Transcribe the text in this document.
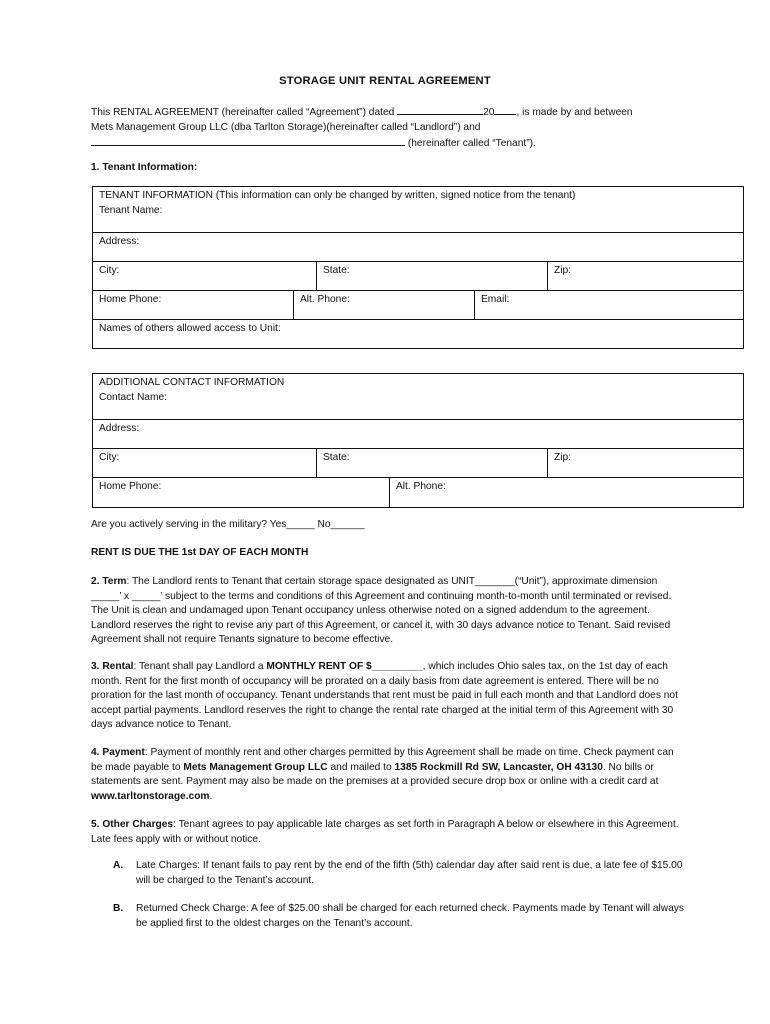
STORAGE UNIT RENTAL AGREEMENT
This RENTAL AGREEMENT (hereinafter called “Agreement”) dated	20 , is made by and between
Mets Management Group LLC (dba Tarlton Storage)(hereinafter called “Landlord”) and
(hereinafter called “Tenant”).
1. Tenant Information:
TENANT INFORMATION (This information can only be changed by written, signed notice from the tenant)
Tenant Name:
Address:
City:	State:	Zip:
Home Phone:	Alt. Phone:	Email:
Names of others allowed access to Unit:
ADDITIONAL CONTACT INFORMATION
Contact Name:
Address:
City:	State:	Zip:
Home Phone:	Alt. Phone:
Are you actively serving in the military? Yes_____ No______
RENT IS DUE THE 1st DAY OF EACH MONTH
2. Term: The Landlord rents to Tenant that certain storage space designated as UNIT_______(“Unit”), approximate dimension _____’ x _____’ subject to the terms and conditions of this Agreement and continuing month-to-month until terminated or revised. The Unit is clean and undamaged upon Tenant occupancy unless otherwise noted on a signed addendum to the agreement. Landlord reserves the right to revise any part of this Agreement, or cancel it, with 30 days advance notice to Tenant. Said revised Agreement shall not require Tenants signature to become effective.
3. Rental: Tenant shall pay Landlord a MONTHLY RENT OF $_________, which includes Ohio sales tax, on the 1st day of each month. Rent for the first month of occupancy will be prorated on a daily basis from date agreement is entered. There will be no proration for the last month of occupancy. Tenant understands that rent must be paid in full each month and that Landlord does not accept partial payments. Landlord reserves the right to change the rental rate charged at the initial term of this Agreement with 30 days advance notice to Tenant.
4. Payment: Payment of monthly rent and other charges permitted by this Agreement shall be made on time. Check payment can be made payable to Mets Management Group LLC and mailed to 1385 Rockmill Rd SW, Lancaster, OH 43130. No bills or statements are sent. Payment may also be made on the premises at a provided secure drop box or online with a credit card at www.tarltonstorage.com.
5. Other Charges: Tenant agrees to pay applicable late charges as set forth in Paragraph A below or elsewhere in this Agreement. Late fees apply with or without notice.
A. Late Charges: If tenant fails to pay rent by the end of the fifth (5th) calendar day after said rent is due, a late fee of $15.00 will be charged to the Tenant’s account.
B. Returned Check Charge: A fee of $25.00 shall be charged for each returned check. Payments made by Tenant will always be applied first to the oldest charges on the Tenant’s account.
